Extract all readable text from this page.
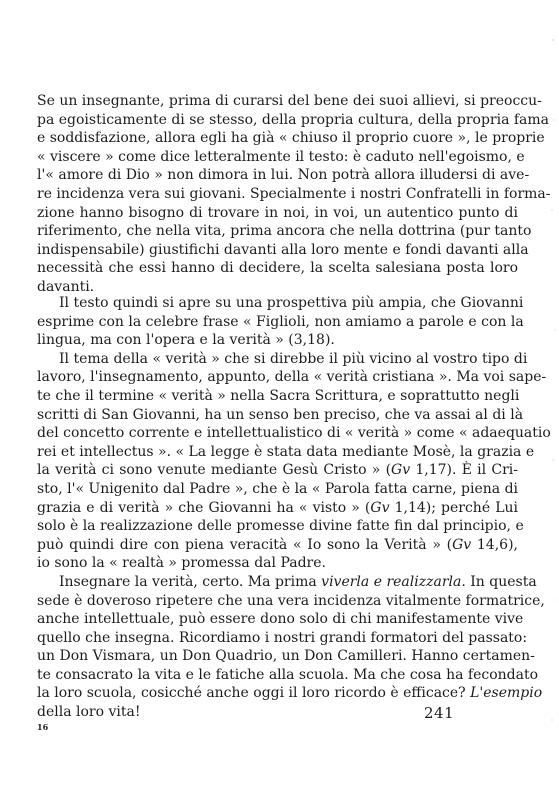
Se un insegnante, prima di curarsi del bene dei suoi allievi, si preoccu-
pa egoisticamente di se stesso, della propria cultura, della propria fama
e soddisfazione, allora egli ha già « chiuso il proprio cuore », le proprie
« viscere » come dice letteralmente il testo: è caduto nell'egoismo, e
l'« amore di Dio » non dimora in lui. Non potrà allora illudersi di ave-
re incidenza vera sui giovani. Specialmente i nostri Confratelli in forma-
zione hanno bisogno di trovare in noi, in voi, un autentico punto di
riferimento, che nella vita, prima ancora che nella dottrina (pur tanto
indispensabile) giustifichi davanti alla loro mente e fondi davanti alla
necessità che essi hanno di decidere, la scelta salesiana posta loro
davanti.
Il testo quindi si apre su una prospettiva più ampia, che Giovanni
esprime con la celebre frase « Figlioli, non amiamo a parole e con la
lingua, ma con l'opera e la verità » (3,18).
Il tema della « verità » che si direbbe il più vicino al vostro tipo di
lavoro, l'insegnamento, appunto, della « verità cristiana ». Ma voi sape-
te che il termine « verità » nella Sacra Scrittura, e soprattutto negli
scritti di San Giovanni, ha un senso ben preciso, che va assai al di là
del concetto corrente e intellettualistico di « verità » come « adaequatio
rei et intellectus ». « La legge è stata data mediante Mosè, la grazia e
la verità ci sono venute mediante Gesù Cristo » (Gv 1,17). È il Cri-
sto, l'« Unigenito dal Padre », che è la « Parola fatta carne, piena di
grazia e di verità » che Giovanni ha « visto » (Gv 1,14); perché Lui
solo è la realizzazione delle promesse divine fatte fin dal principio, e
può quindi dire con piena veracità « Io sono la Verità » (Gv 14,6),
io sono la « realtà » promessa dal Padre.
Insegnare la verità, certo. Ma prima viverla e realizzarla. In questa
sede è doveroso ripetere che una vera incidenza vitalmente formatrice,
anche intellettuale, può essere dono solo di chi manifestamente vive
quello che insegna. Ricordiamo i nostri grandi formatori del passato:
un Don Vismara, un Don Quadrio, un Don Camilleri. Hanno certamen-
te consacrato la vita e le fatiche alla scuola. Ma che cosa ha fecondato
la loro scuola, cosicché anche oggi il loro ricordo è efficace? L'esempio
della loro vita!	241
16
